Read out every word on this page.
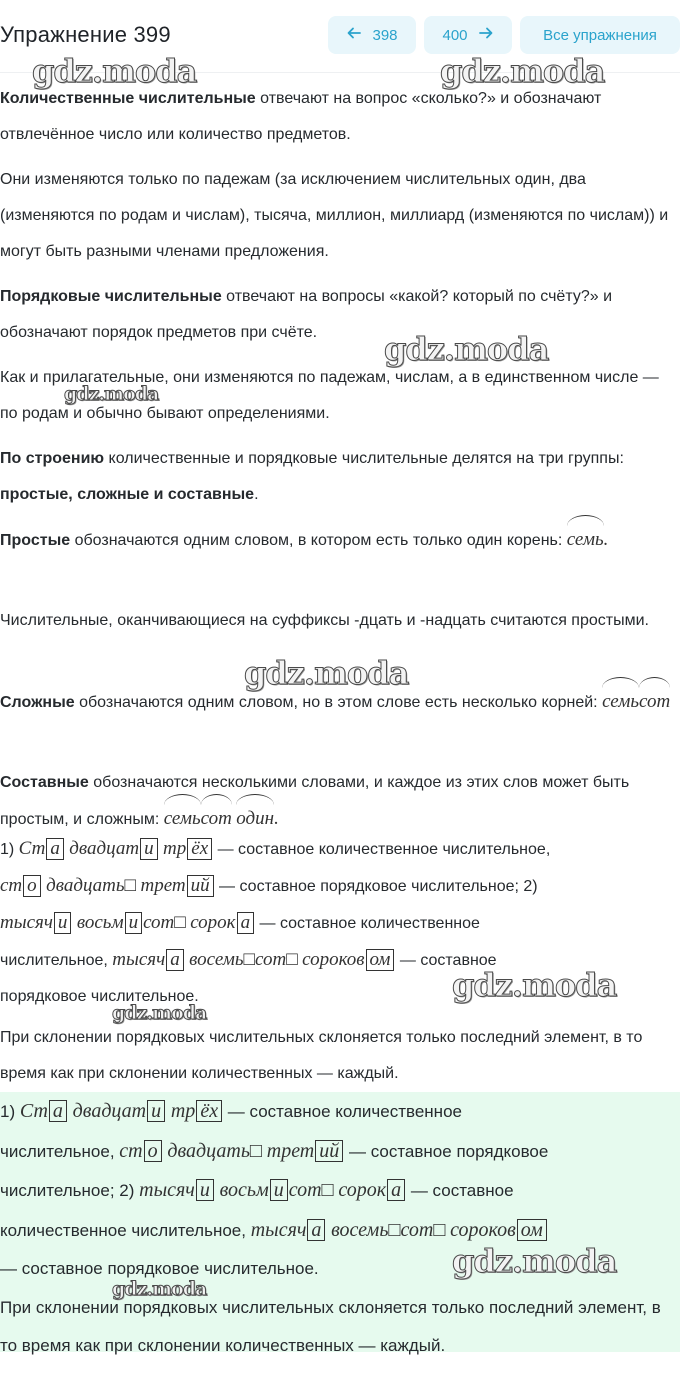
Упражнение 399	398	400	Все упражнения
Количественные числительные отвечают на вопрос «сколько?» и обозначают отвлечённое число или количество предметов.
Они изменяются только по падежам (за исключением числительных один, два (изменяются по родам и числам), тысяча, миллион, миллиард (изменяются по числам)) и могут быть разными членами предложения.
Порядковые числительные отвечают на вопросы «какой? который по счёту?» и обозначают порядок предметов при счёте.
Как и прилагательные, они изменяются по падежам, числам, а в единственном числе — по родам и обычно бывают определениями.
По строению количественные и порядковые числительные делятся на три группы: простые, сложные и составные.
Простые обозначаются одним словом, в котором есть только один корень: семь.
Числительные, оканчивающиеся на суффиксы -дцать и -надцать считаются простыми.
Сложные обозначаются одним словом, но в этом слове есть несколько корней: семьсот
Составные обозначаются несколькими словами, и каждое из этих слов может быть простым, и сложным: семьсот один.
1) Ст а двадцат и тр ёх — составное количественное числительное,
ст о двадцать□ трет ий — составное порядковое числительное; 2)
тысяч и восьм и сот□ сорок а — составное количественное
числительное, тысяч а восемь□сот□ сороков ом — составное
порядковое числительное.
При склонении порядковых числительных склоняется только последний элемент, в то время как при склонении количественных — каждый.
1) Ст а двадцат и тр ёх — составное количественное
числительное, ст о двадцать□ трет ий — составное порядковое
числительное; 2) тысяч и восьм и сот□ сорок а — составное
количественное числительное, тысяч а восемь□сот□ сороков ом
— составное порядковое числительное.
При склонении порядковых числительных склоняется только последний элемент, в то время как при склонении количественных — каждый.
gdz.moda	gdz.moda
gdz.moda
gdz.moda
gdz.moda
gdz.moda
gdz.moda
gdz.moda
gdz.moda
